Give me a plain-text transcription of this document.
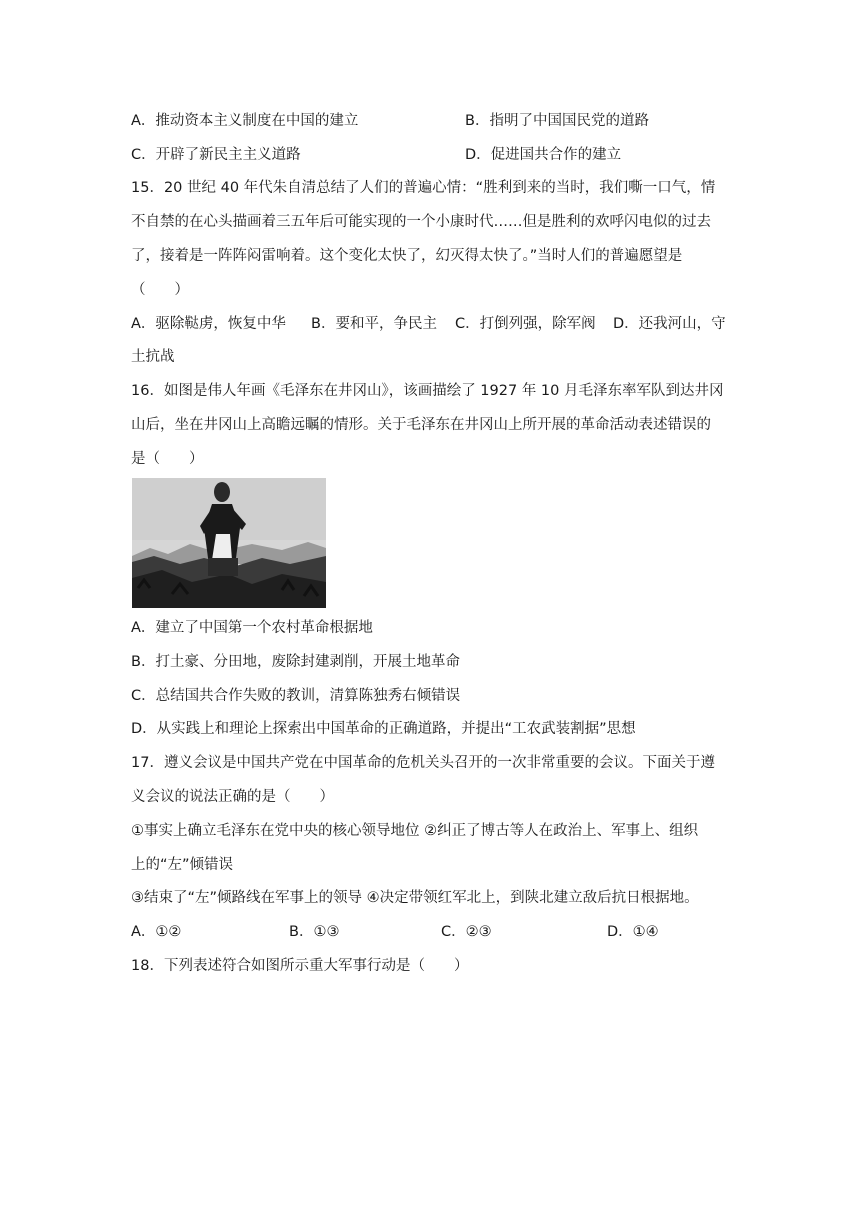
A．推动资本主义制度在中国的建立	B．指明了中国国民党的道路

C．开辟了新民主主义道路	D．促进国共合作的建立

15．20 世纪 40 年代朱自清总结了人们的普遍心情：“胜利到来的当时，我们嘶一口气，情

不自禁的在心头描画着三五年后可能实现的一个小康时代……但是胜利的欢呼闪电似的过去

了，接着是一阵阵闷雷响着。这个变化太快了，幻灭得太快了。”当时人们的普遍愿望是

（　　）

A．驱除鞑虏，恢复中华 B．要和平，争民主 C．打倒列强，除军阀 D．还我河山，守

土抗战

16．如图是伟人年画《毛泽东在井冈山》，该画描绘了 1927 年 10 月毛泽东率军队到达井冈

山后，坐在井冈山上高瞻远瞩的情形。关于毛泽东在井冈山上所开展的革命活动表述错误的

是（　　）

A．建立了中国第一个农村革命根据地

B．打土豪、分田地，废除封建剥削，开展土地革命

C．总结国共合作失败的教训，清算陈独秀右倾错误

D．从实践上和理论上探索出中国革命的正确道路，并提出“工农武装割据”思想

17．遵义会议是中国共产党在中国革命的危机关头召开的一次非常重要的会议。下面关于遵

义会议的说法正确的是（　　）

①事实上确立毛泽东在党中央的核心领导地位 ②纠正了博古等人在政治上、军事上、组织

上的“左”倾错误

③结束了“左”倾路线在军事上的领导 ④决定带领红军北上，到陕北建立敌后抗日根据地。

A．①②	B．①③	C．②③	D．①④

18．下列表述符合如图所示重大军事行动是（　　）
